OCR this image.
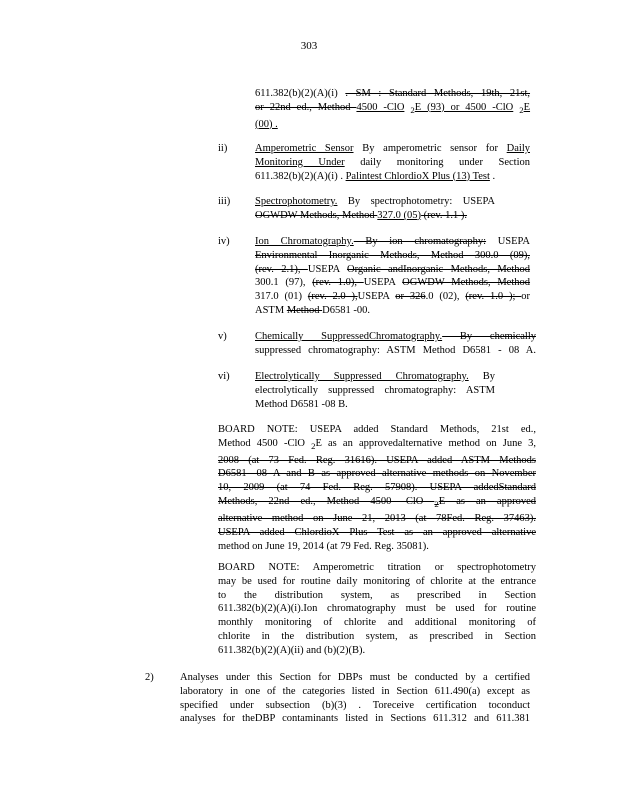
303
611.382(b)(2)(A)(i) . SM : Standard Methods, 19th, 21st,
or 22nd ed., Method 4500 -ClO $_2$E (93) or 4500 -ClO $_2$E
(00) .
ii)	Amperometric Sensor By amperometric sensor for Daily
Monitoring Under daily monitoring under Section
611.382(b)(2)(A)(i) . Palintest ChlordioX Plus (13) Test .
iii) Spectrophotometry. By spectrophotometry: USEPA
OGWDW Methods, Method 327.0 (05) (rev. 1.1 ).
iv) Ion Chromatography. By ion chromatography: USEPA
Environmental Inorganic Methods, Method 300.0 (09),
(rev. 2.1), USEPA Organic andInorganic Methods, Method
300.1 (97), (rev. 1.0), USEPA OGWDW Methods, Method
317.0 (01) (rev. 2.0 ),USEPA or 326.0 (02), (rev. 1.0 ); or
ASTM Method D6581 -00.
v)	Chemically SuppressedChromatography. By chemically
suppressed chromatography: ASTM Method D6581 - 08 A.
vi) Electrolytically Suppressed Chromatography. By
electrolytically suppressed chromatography: ASTM
Method D6581 -08 B.
BOARD NOTE: USEPA added Standard Methods, 21st ed.,
Method 4500 -ClO $_2$E as an approvedalternative method on June 3,
2008 (at 73 Fed. Reg. 31616). USEPA added ASTM Methods
D6581 -08 A and B as approved alternative methods on November
10, 2009 (at 74 Fed. Reg. 57908). USEPA addedStandard
Methods, 22nd ed., Method 4500 -ClO $_2$E as an approved
alternative method on June 21, 2013 (at 78Fed. Reg. 37463).
USEPA added ChlordioX Plus Test as an approved alternative
method on June 19, 2014 (at 79 Fed. Reg. 35081).
BOARD NOTE: Amperometric titration or spectrophotometry
may be used for routine daily monitoring of chlorite at the entrance
to the distribution system, as prescribed in Section
611.382(b)(2)(A)(i).Ion chromatography must be used for routine
monthly monitoring of chlorite and additional monitoring of
chlorite in the distribution system, as prescribed in Section
611.382(b)(2)(A)(ii) and (b)(2)(B).
2)	Analyses under this Section for DBPs must be conducted by a certified
laboratory in one of the categories listed in Section 611.490(a) except as
specified under subsection (b)(3) . Toreceive certification toconduct
analyses for theDBP contaminants listed in Sections 611.312 and 611.381
